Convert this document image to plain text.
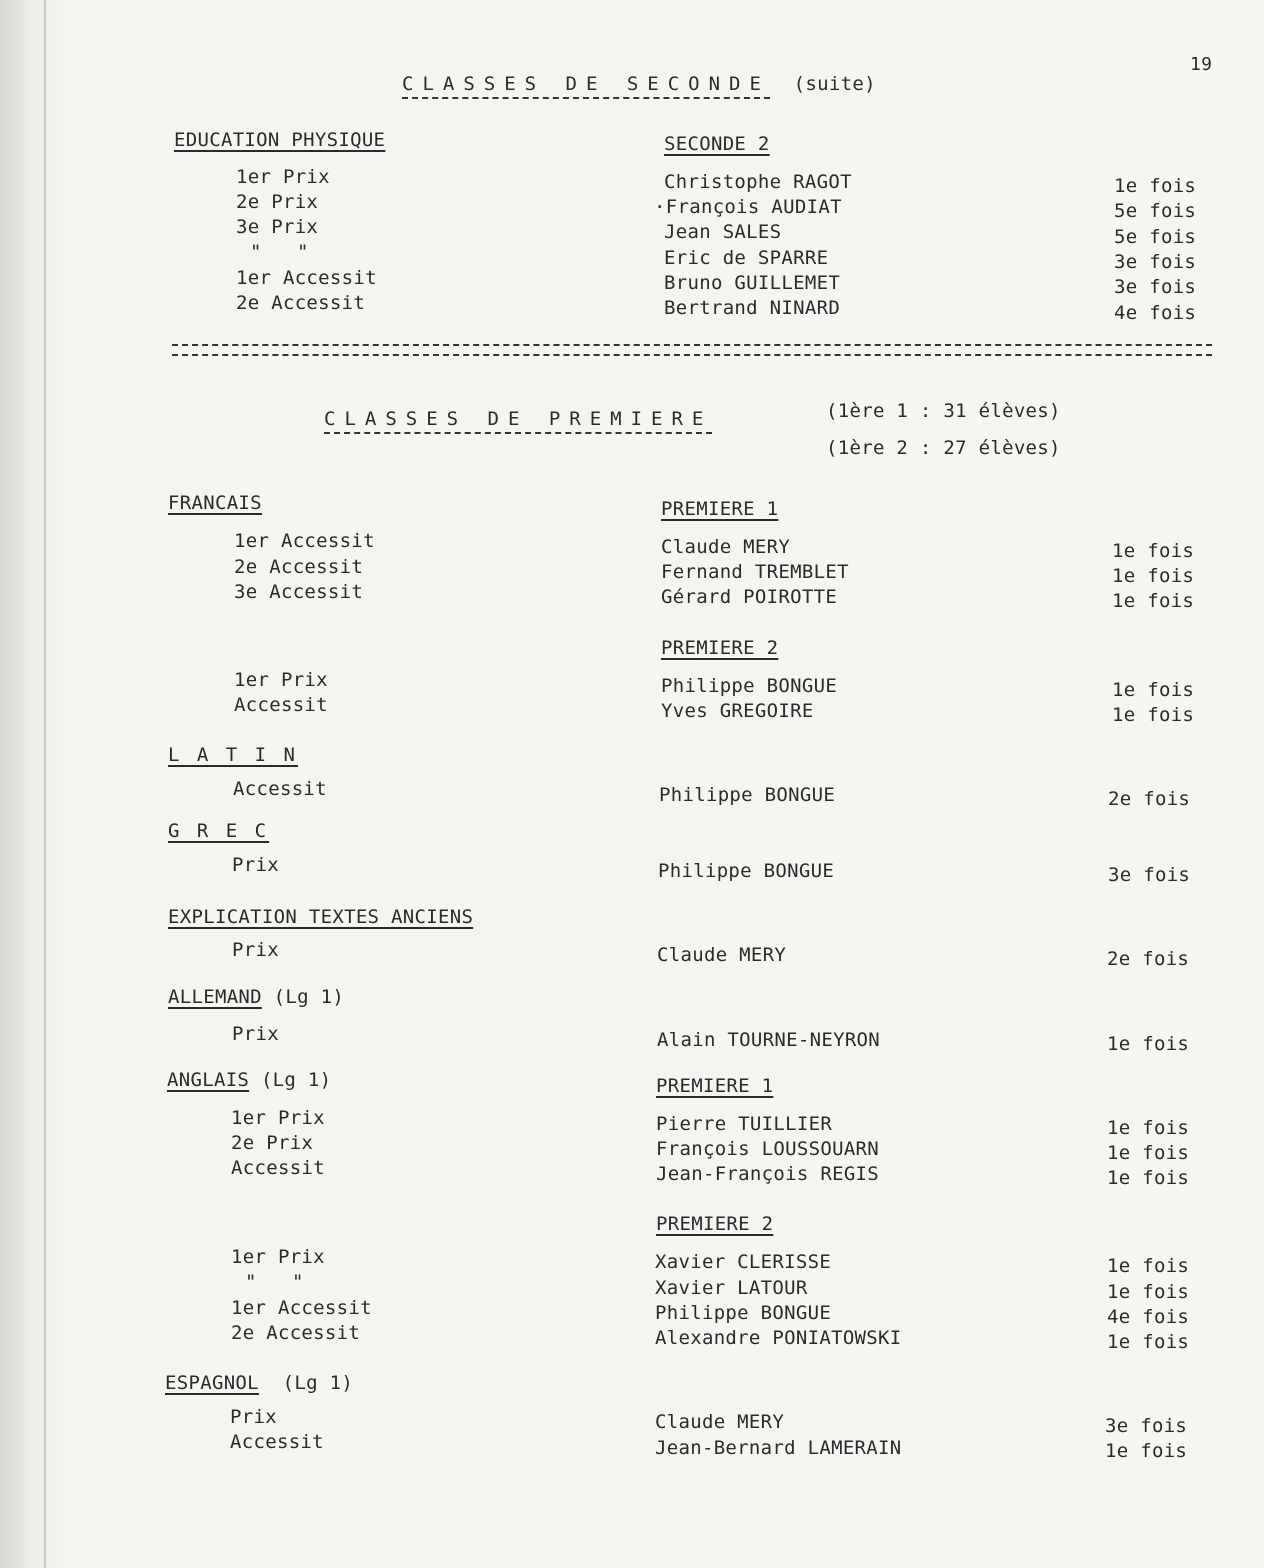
19
CLASSES DE SECONDE (suite)
EDUCATION PHYSIQUE	SECONDE 2
1er Prix	Christophe RAGOT	1e fois
2e Prix	·François AUDIAT	5e fois
3e Prix	Jean SALES	5e fois
"   "	Eric de SPARRE	3e fois
1er Accessit	Bruno GUILLEMET	3e fois
2e Accessit	Bertrand NINARD	4e fois
CLASSES DE PREMIERE	(1ère 1 : 31 élèves)
(1ère 2 : 27 élèves)
FRANCAIS	PREMIERE 1
1er Accessit	Claude MERY	1e fois
2e Accessit	Fernand TREMBLET	1e fois
3e Accessit	Gérard POIROTTE	1e fois
PREMIERE 2
1er Prix	Philippe BONGUE	1e fois
Accessit	Yves GREGOIRE	1e fois
L A T I N
Accessit	Philippe BONGUE	2e fois
G R E C
Prix	Philippe BONGUE	3e fois
EXPLICATION TEXTES ANCIENS
Prix	Claude MERY	2e fois
ALLEMAND (Lg 1)
Prix	Alain TOURNE-NEYRON	1e fois
ANGLAIS (Lg 1)	PREMIERE 1
1er Prix	Pierre TUILLIER	1e fois
2e Prix	François LOUSSOUARN	1e fois
Accessit	Jean-François REGIS	1e fois
PREMIERE 2
1er Prix	Xavier CLERISSE	1e fois
"   "	Xavier LATOUR	1e fois
1er Accessit	Philippe BONGUE	4e fois
2e Accessit	Alexandre PONIATOWSKI	1e fois
ESPAGNOL (Lg 1)
Prix	Claude MERY	3e fois
Accessit	Jean-Bernard LAMERAIN	1e fois
